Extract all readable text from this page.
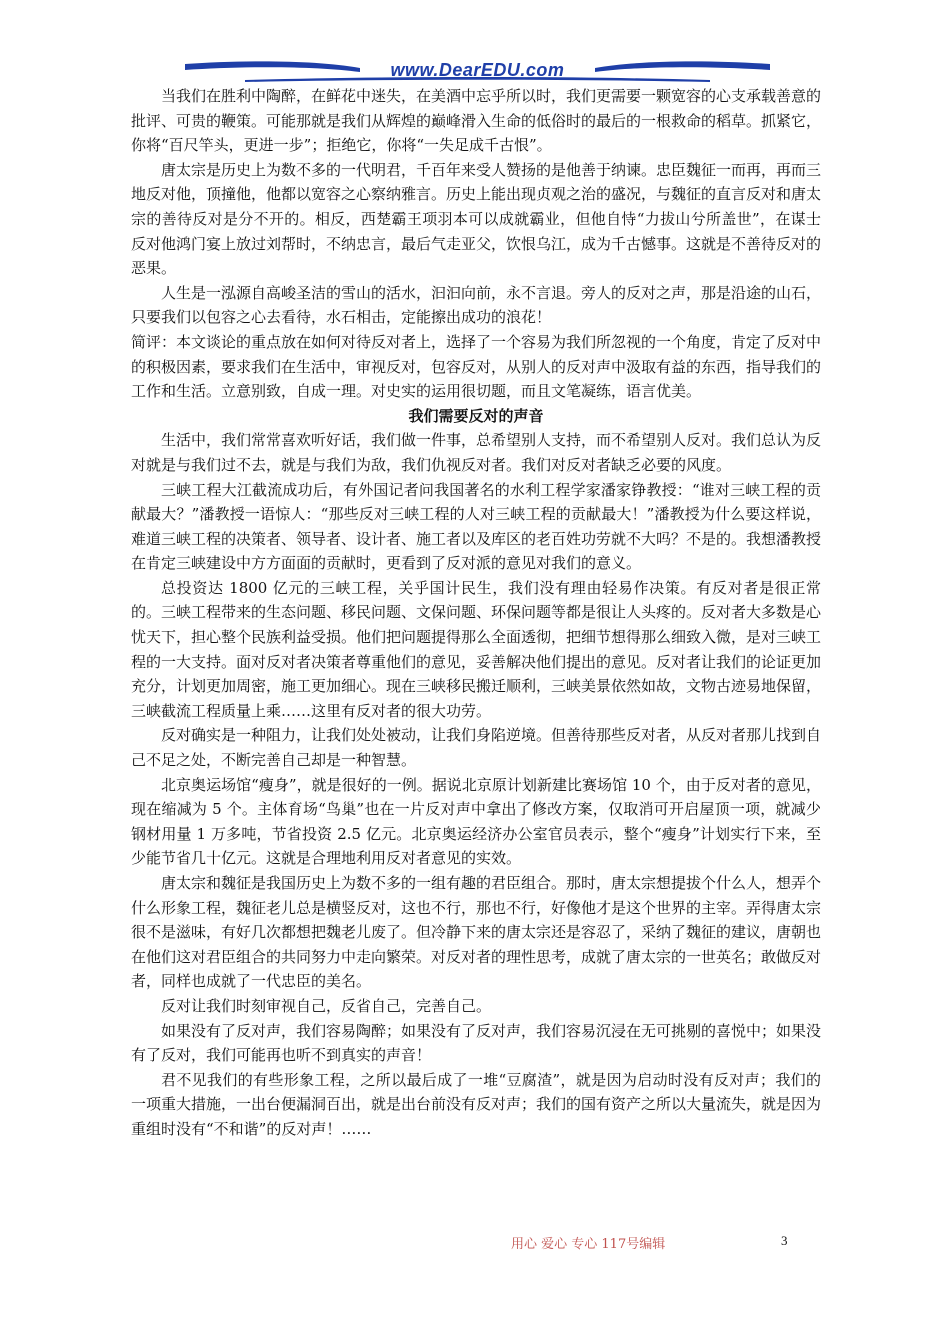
www.DearEDU.com

当我们在胜利中陶醉，在鲜花中迷失，在美酒中忘乎所以时，我们更需要一颗宽容的心支承载善意的批评、可贵的鞭策。可能那就是我们从辉煌的巅峰滑入生命的低俗时的最后的一根救命的稻草。抓紧它，你将“百尺竿头，更进一步”；拒绝它，你将“一失足成千古恨”。

唐太宗是历史上为数不多的一代明君，千百年来受人赞扬的是他善于纳谏。忠臣魏征一而再，再而三地反对他，顶撞他，他都以宽容之心察纳雅言。历史上能出现贞观之治的盛况，与魏征的直言反对和唐太宗的善待反对是分不开的。相反，西楚霸王项羽本可以成就霸业，但他自恃“力拔山兮所盖世”，在谋士反对他鸿门宴上放过刘帮时，不纳忠言，最后气走亚父，饮恨乌江，成为千古憾事。这就是不善待反对的恶果。

人生是一泓源自高峻圣洁的雪山的活水，汩汩向前，永不言退。旁人的反对之声，那是沿途的山石，只要我们以包容之心去看待，水石相击，定能擦出成功的浪花！

简评：本文谈论的重点放在如何对待反对者上，选择了一个容易为我们所忽视的一个角度，肯定了反对中的积极因素，要求我们在生活中，审视反对，包容反对，从别人的反对声中汲取有益的东西，指导我们的工作和生活。立意别致，自成一理。对史实的运用很切题，而且文笔凝练，语言优美。

我们需要反对的声音

生活中，我们常常喜欢听好话，我们做一件事，总希望别人支持，而不希望别人反对。我们总认为反对就是与我们过不去，就是与我们为敌，我们仇视反对者。我们对反对者缺乏必要的风度。

三峡工程大江截流成功后，有外国记者问我国著名的水利工程学家潘家铮教授：“谁对三峡工程的贡献最大？”潘教授一语惊人：“那些反对三峡工程的人对三峡工程的贡献最大！”潘教授为什么要这样说，难道三峡工程的决策者、领导者、设计者、施工者以及库区的老百姓功劳就不大吗？不是的。我想潘教授在肯定三峡建设中方方面面的贡献时，更看到了反对派的意见对我们的意义。

总投资达 1800 亿元的三峡工程，关乎国计民生，我们没有理由轻易作决策。有反对者是很正常的。三峡工程带来的生态问题、移民问题、文保问题、环保问题等都是很让人头疼的。反对者大多数是心忧天下，担心整个民族利益受损。他们把问题提得那么全面透彻，把细节想得那么细致入微，是对三峡工程的一大支持。面对反对者决策者尊重他们的意见，妥善解决他们提出的意见。反对者让我们的论证更加充分，计划更加周密，施工更加细心。现在三峡移民搬迁顺利，三峡美景依然如故，文物古迹易地保留，三峡截流工程质量上乘……这里有反对者的很大功劳。

反对确实是一种阻力，让我们处处被动，让我们身陷逆境。但善待那些反对者，从反对者那儿找到自己不足之处，不断完善自己却是一种智慧。

北京奥运场馆“瘦身”，就是很好的一例。据说北京原计划新建比赛场馆 10 个，由于反对者的意见，现在缩减为 5 个。主体育场“鸟巢”也在一片反对声中拿出了修改方案，仅取消可开启屋顶一项，就减少钢材用量 1 万多吨，节省投资 2.5 亿元。北京奥运经济办公室官员表示，整个“瘦身”计划实行下来，至少能节省几十亿元。这就是合理地利用反对者意见的实效。

唐太宗和魏征是我国历史上为数不多的一组有趣的君臣组合。那时，唐太宗想提拔个什么人，想弄个什么形象工程，魏征老儿总是横竖反对，这也不行，那也不行，好像他才是这个世界的主宰。弄得唐太宗很不是滋味，有好几次都想把魏老儿废了。但冷静下来的唐太宗还是容忍了，采纳了魏征的建议，唐朝也在他们这对君臣组合的共同努力中走向繁荣。对反对者的理性思考，成就了唐太宗的一世英名；敢做反对者，同样也成就了一代忠臣的美名。

反对让我们时刻审视自己，反省自己，完善自己。

如果没有了反对声，我们容易陶醉；如果没有了反对声，我们容易沉浸在无可挑剔的喜悦中；如果没有了反对，我们可能再也听不到真实的声音！

君不见我们的有些形象工程，之所以最后成了一堆“豆腐渣”，就是因为启动时没有反对声；我们的一项重大措施，一出台便漏洞百出，就是出台前没有反对声；我们的国有资产之所以大量流失，就是因为重组时没有“不和谐”的反对声！……

用心 爱心 专心 117号编辑	3
